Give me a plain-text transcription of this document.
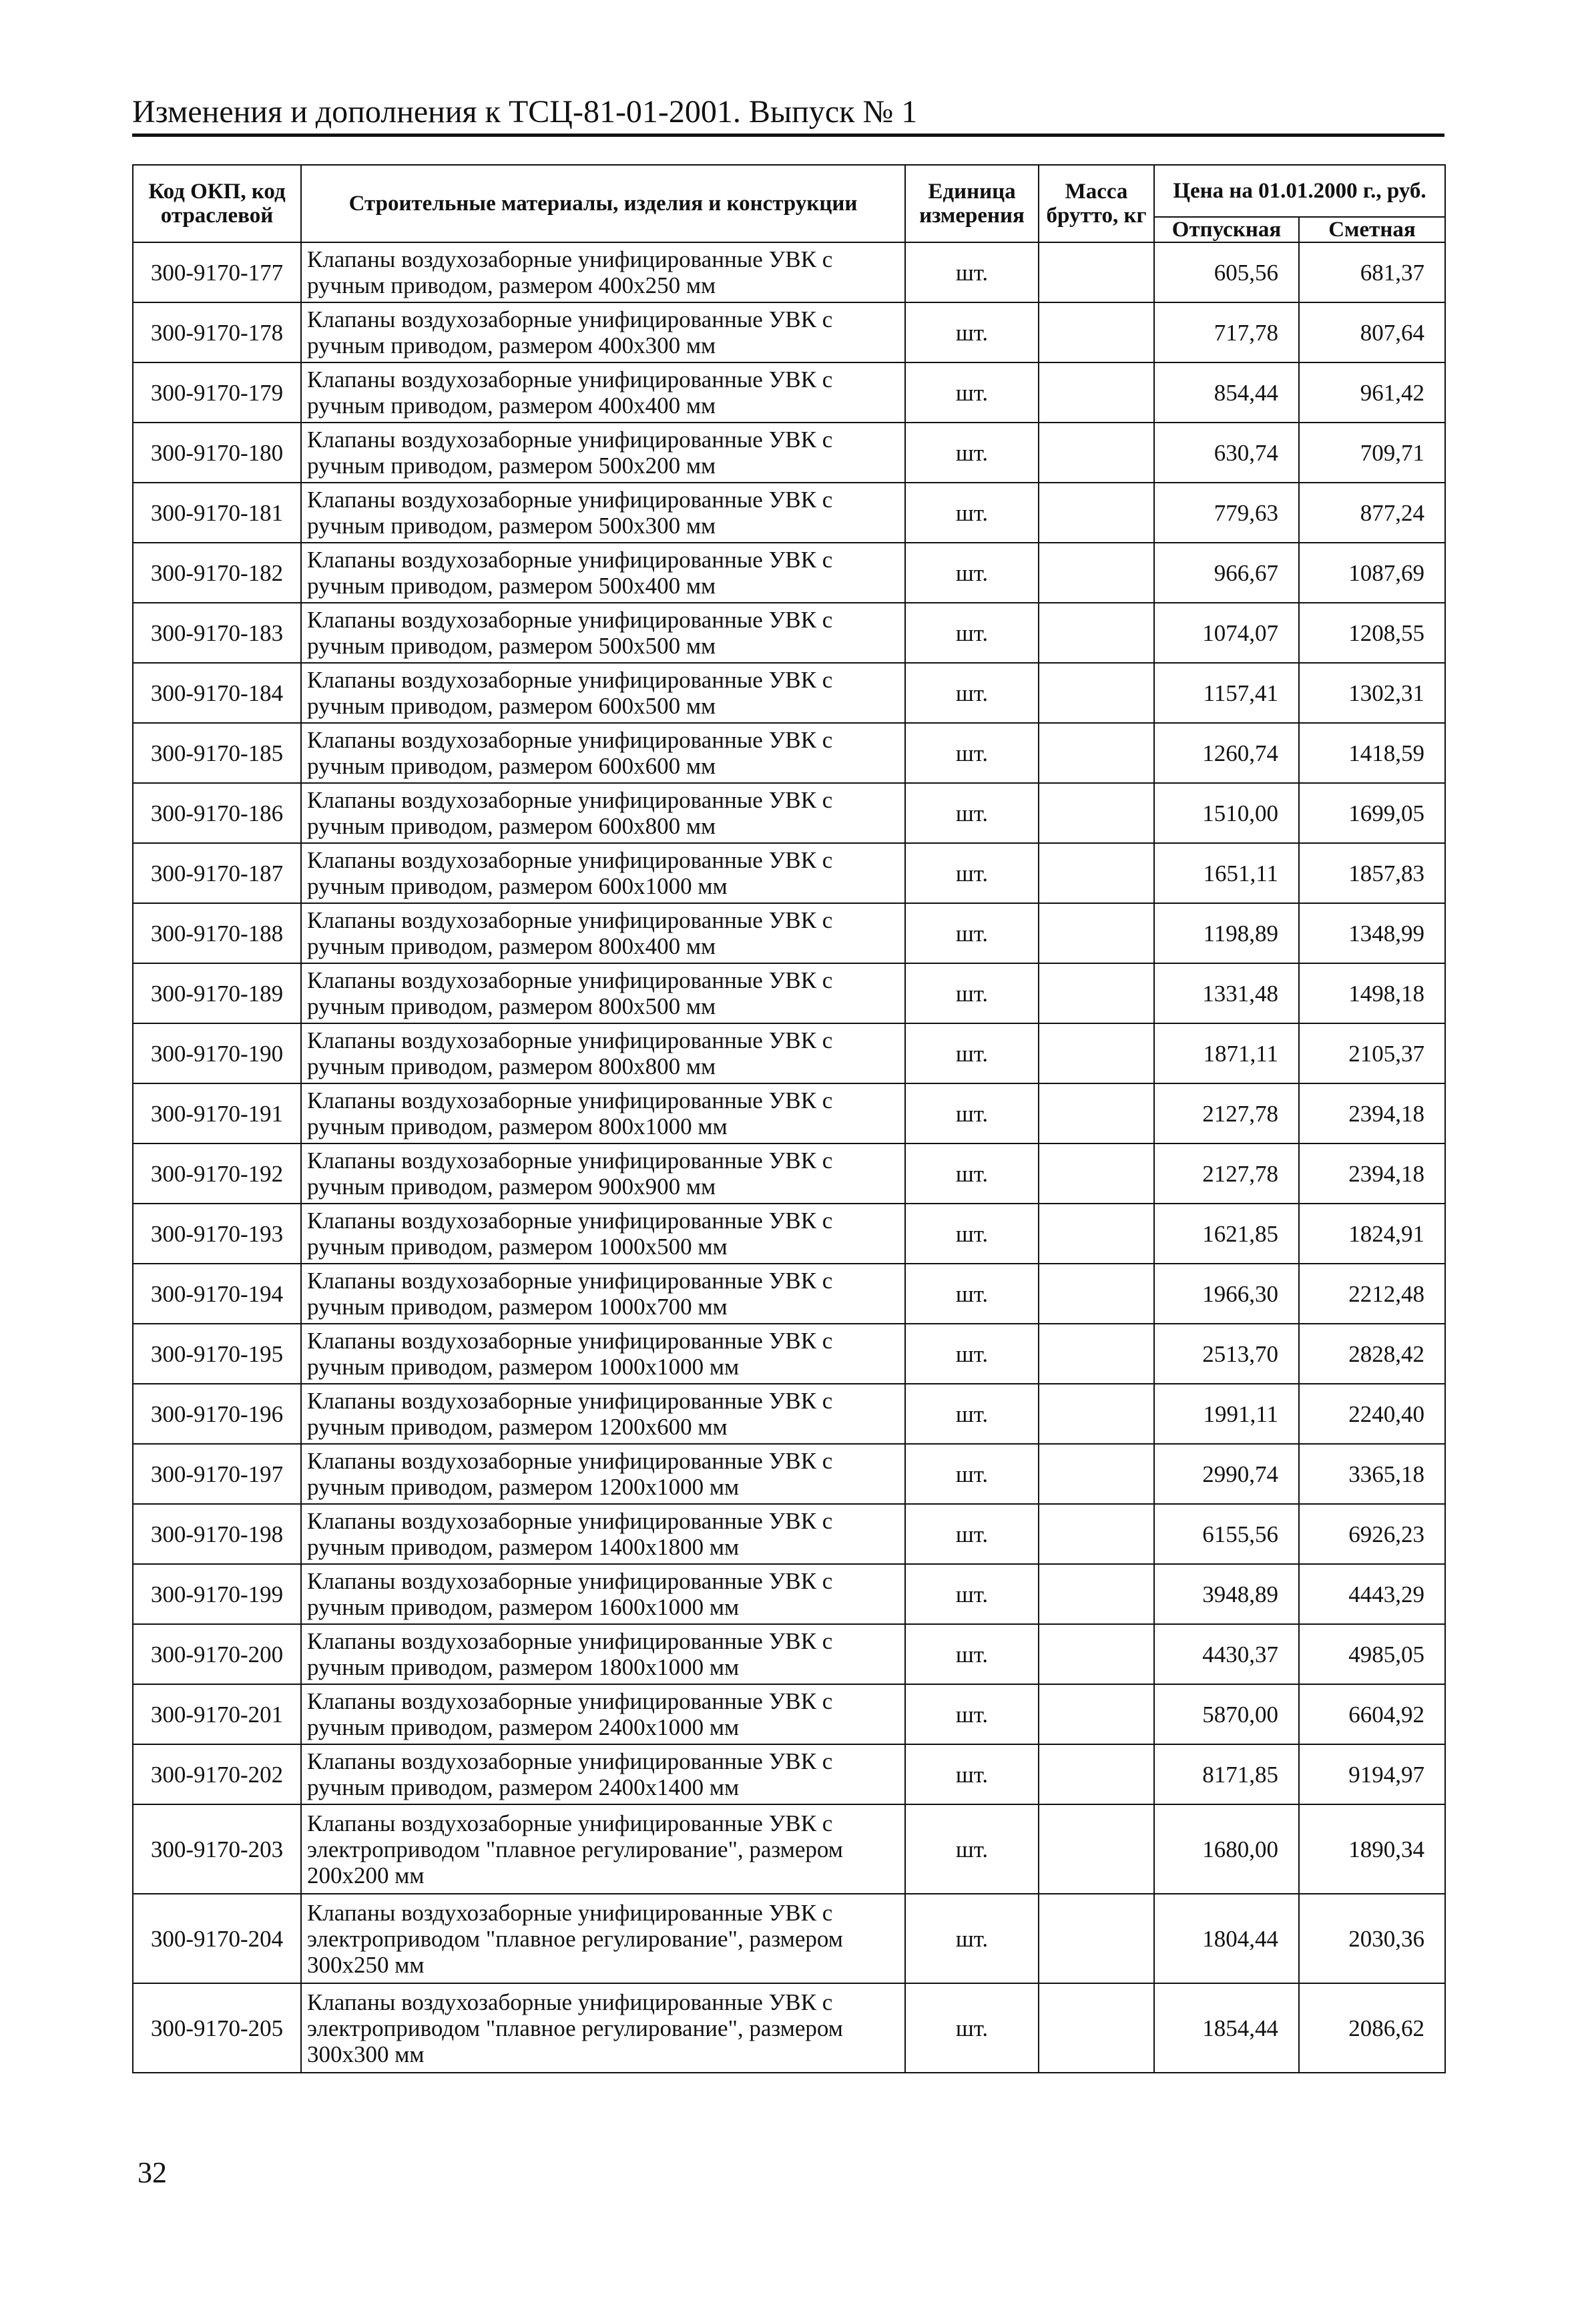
Изменения и дополнения к ТСЦ-81-01-2001. Выпуск № 1
Код ОКП, код отраслевой	Строительные материалы, изделия и конструкции	Единица измерения	Масса брутто, кг	Цена на 01.01.2000 г., руб.	
				Отпускная	Сметная
300-9170-177	Клапаны воздухозаборные унифицированные УВК с ручным приводом, размером 400х250 мм	шт.		605,56	681,37
300-9170-178	Клапаны воздухозаборные унифицированные УВК с ручным приводом, размером 400х300 мм	шт.		717,78	807,64
300-9170-179	Клапаны воздухозаборные унифицированные УВК с ручным приводом, размером 400х400 мм	шт.		854,44	961,42
300-9170-180	Клапаны воздухозаборные унифицированные УВК с ручным приводом, размером 500х200 мм	шт.		630,74	709,71
300-9170-181	Клапаны воздухозаборные унифицированные УВК с ручным приводом, размером 500х300 мм	шт.		779,63	877,24
300-9170-182	Клапаны воздухозаборные унифицированные УВК с ручным приводом, размером 500х400 мм	шт.		966,67	1087,69
300-9170-183	Клапаны воздухозаборные унифицированные УВК с ручным приводом, размером 500х500 мм	шт.		1074,07	1208,55
300-9170-184	Клапаны воздухозаборные унифицированные УВК с ручным приводом, размером 600х500 мм	шт.		1157,41	1302,31
300-9170-185	Клапаны воздухозаборные унифицированные УВК с ручным приводом, размером 600х600 мм	шт.		1260,74	1418,59
300-9170-186	Клапаны воздухозаборные унифицированные УВК с ручным приводом, размером 600х800 мм	шт.		1510,00	1699,05
300-9170-187	Клапаны воздухозаборные унифицированные УВК с ручным приводом, размером 600х1000 мм	шт.		1651,11	1857,83
300-9170-188	Клапаны воздухозаборные унифицированные УВК с ручным приводом, размером 800х400 мм	шт.		1198,89	1348,99
300-9170-189	Клапаны воздухозаборные унифицированные УВК с ручным приводом, размером 800х500 мм	шт.		1331,48	1498,18
300-9170-190	Клапаны воздухозаборные унифицированные УВК с ручным приводом, размером 800х800 мм	шт.		1871,11	2105,37
300-9170-191	Клапаны воздухозаборные унифицированные УВК с ручным приводом, размером 800х1000 мм	шт.		2127,78	2394,18
300-9170-192	Клапаны воздухозаборные унифицированные УВК с ручным приводом, размером 900х900 мм	шт.		2127,78	2394,18
300-9170-193	Клапаны воздухозаборные унифицированные УВК с ручным приводом, размером 1000х500 мм	шт.		1621,85	1824,91
300-9170-194	Клапаны воздухозаборные унифицированные УВК с ручным приводом, размером 1000х700 мм	шт.		1966,30	2212,48
300-9170-195	Клапаны воздухозаборные унифицированные УВК с ручным приводом, размером 1000х1000 мм	шт.		2513,70	2828,42
300-9170-196	Клапаны воздухозаборные унифицированные УВК с ручным приводом, размером 1200х600 мм	шт.		1991,11	2240,40
300-9170-197	Клапаны воздухозаборные унифицированные УВК с ручным приводом, размером 1200х1000 мм	шт.		2990,74	3365,18
300-9170-198	Клапаны воздухозаборные унифицированные УВК с ручным приводом, размером 1400х1800 мм	шт.		6155,56	6926,23
300-9170-199	Клапаны воздухозаборные унифицированные УВК с ручным приводом, размером 1600х1000 мм	шт.		3948,89	4443,29
300-9170-200	Клапаны воздухозаборные унифицированные УВК с ручным приводом, размером 1800х1000 мм	шт.		4430,37	4985,05
300-9170-201	Клапаны воздухозаборные унифицированные УВК с ручным приводом, размером 2400х1000 мм	шт.		5870,00	6604,92
300-9170-202	Клапаны воздухозаборные унифицированные УВК с ручным приводом, размером 2400х1400 мм	шт.		8171,85	9194,97
300-9170-203	Клапаны воздухозаборные унифицированные УВК с электроприводом "плавное регулирование", размером 200х200 мм	шт.		1680,00	1890,34
300-9170-204	Клапаны воздухозаборные унифицированные УВК с электроприводом "плавное регулирование", размером 300х250 мм	шт.		1804,44	2030,36
300-9170-205	Клапаны воздухозаборные унифицированные УВК с электроприводом "плавное регулирование", размером 300х300 мм	шт.		1854,44	2086,62
32
